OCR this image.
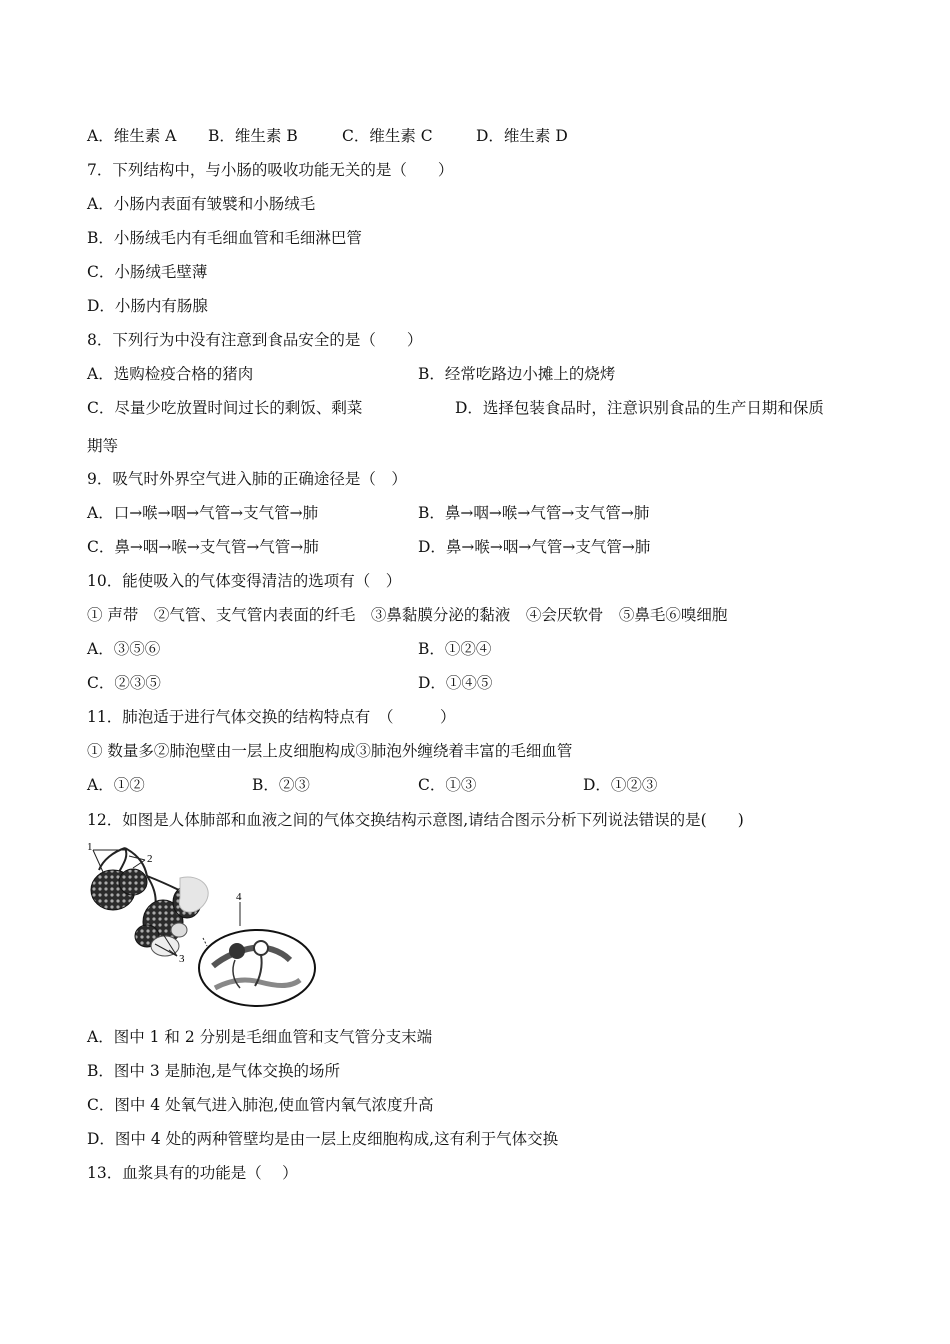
A．维生素 A B．维生素 B	C．维生素 C	D．维生素 D
7．下列结构中，与小肠的吸收功能无关的是（　　）
A．小肠内表面有皱襞和小肠绒毛
B．小肠绒毛内有毛细血管和毛细淋巴管
C．小肠绒毛壁薄
D．小肠内有肠腺
8．下列行为中没有注意到食品安全的是（　　）
A．选购检疫合格的猪肉	B．经常吃路边小摊上的烧烤
C．尽量少吃放置时间过长的剩饭、剩菜	D．选择包装食品时，注意识别食品的生产日期和保质
期等
9．吸气时外界空气进入肺的正确途径是（　）
A．口→喉→咽→气管→支气管→肺	B．鼻→咽→喉→气管→支气管→肺
C．鼻→咽→喉→支气管→气管→肺	D．鼻→喉→咽→气管→支气管→肺
10．能使吸入的气体变得清洁的选项有（　）
① 声带　②气管、支气管内表面的纤毛　③鼻黏膜分泌的黏液　④会厌软骨　⑤鼻毛⑥嗅细胞
A．③⑤⑥	B．①②④
C．②③⑤	D．①④⑤
11．肺泡适于进行气体交换的结构特点有　（　　　）
① 数量多②肺泡壁由一层上皮细胞构成③肺泡外缠绕着丰富的毛细血管
A．①②	B．②③	C．①③	D．①②③
12．如图是人体肺部和血液之间的气体交换结构示意图,请结合图示分析下列说法错误的是(　　)
1
2
3
4
A．图中 1 和 2 分别是毛细血管和支气管分支末端
B．图中 3 是肺泡,是气体交换的场所
C．图中 4 处氧气进入肺泡,使血管内氧气浓度升高
D．图中 4 处的两种管壁均是由一层上皮细胞构成,这有利于气体交换
13．血浆具有的功能是（　 ）
